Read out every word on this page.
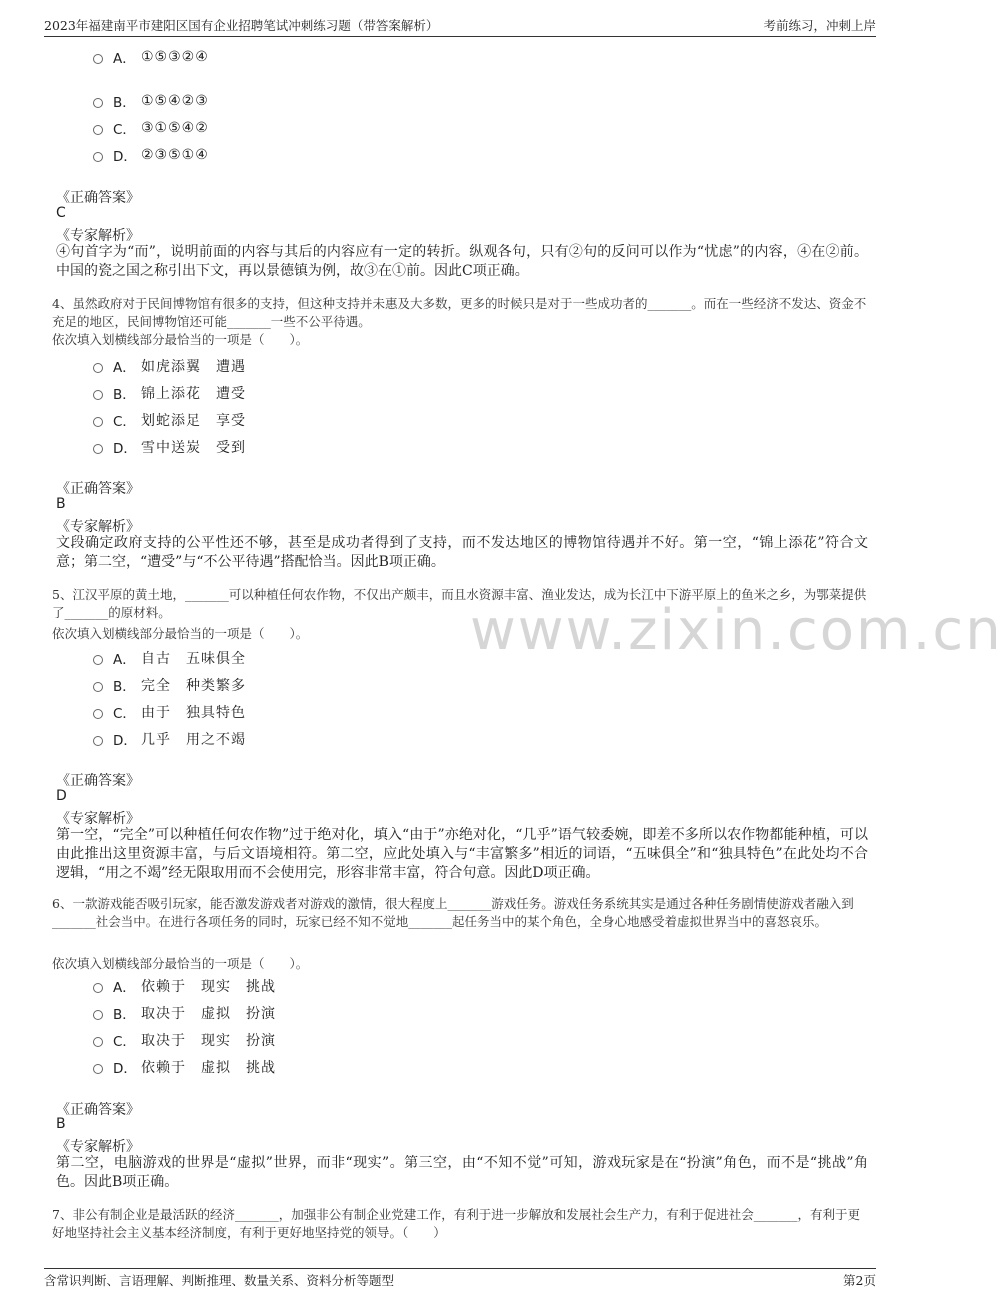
2023年福建南平市建阳区国有企业招聘笔试冲刺练习题（带答案解析）	考前练习，冲刺上岸
www.zixin.com.cn
A． ①⑤③②④
B． ①⑤④②③
C． ③①⑤④②
D． ②③⑤①④
《正确答案》
C
《专家解析》
④句首字为“而”，说明前面的内容与其后的内容应有一定的转折。纵观各句，只有②句的反问可以作为“忧虑”的内容，④在②前。中国的瓷之国之称引出下文，再以景德镇为例，故③在①前。因此C项正确。
4、虽然政府对于民间博物馆有很多的支持，但这种支持并未惠及大多数，更多的时候只是对于一些成功者的_______。而在一些经济不发达、资金不充足的地区，民间博物馆还可能_______一些不公平待遇。
依次填入划横线部分最恰当的一项是（　　）。
A． 如虎添翼　遭遇
B． 锦上添花　遭受
C． 划蛇添足　享受
D． 雪中送炭　受到
《正确答案》
B
《专家解析》
文段确定政府支持的公平性还不够，甚至是成功者得到了支持，而不发达地区的博物馆待遇并不好。第一空，“锦上添花”符合文意；第二空，“遭受”与“不公平待遇”搭配恰当。因此B项正确。
5、江汉平原的黄土地，_______可以种植任何农作物，不仅出产颇丰，而且水资源丰富、渔业发达，成为长江中下游平原上的鱼米之乡，为鄂菜提供了_______的原材料。
依次填入划横线部分最恰当的一项是（　　）。
A． 自古　五味俱全
B． 完全　种类繁多
C． 由于　独具特色
D． 几乎　用之不竭
《正确答案》
D
《专家解析》
第一空，“完全”可以种植任何农作物”过于绝对化，填入“由于”亦绝对化，“几乎”语气较委婉，即差不多所以农作物都能种植，可以由此推出这里资源丰富，与后文语境相符。第二空，应此处填入与“丰富繁多”相近的词语，“五味俱全”和“独具特色”在此处均不合逻辑，“用之不竭”经无限取用而不会使用完，形容非常丰富，符合句意。因此D项正确。
6、一款游戏能否吸引玩家，能否激发游戏者对游戏的激情，很大程度上_______游戏任务。游戏任务系统其实是通过各种任务剧情使游戏者融入到_______社会当中。在进行各项任务的同时，玩家已经不知不觉地_______起任务当中的某个角色，全身心地感受着虚拟世界当中的喜怒哀乐。
依次填入划横线部分最恰当的一项是（　　）。
A． 依赖于　现实　挑战
B． 取决于　虚拟　扮演
C． 取决于　现实　扮演
D． 依赖于　虚拟　挑战
《正确答案》
B
《专家解析》
第二空，电脑游戏的世界是“虚拟”世界，而非“现实”。第三空，由“不知不觉”可知，游戏玩家是在“扮演”角色，而不是“挑战”角色。因此B项正确。
7、非公有制企业是最活跃的经济_______，加强非公有制企业党建工作，有利于进一步解放和发展社会生产力，有利于促进社会_______，有利于更好地坚持社会主义基本经济制度，有利于更好地坚持党的领导。（　　）
含常识判断、言语理解、判断推理、数量关系、资料分析等题型	第2页
